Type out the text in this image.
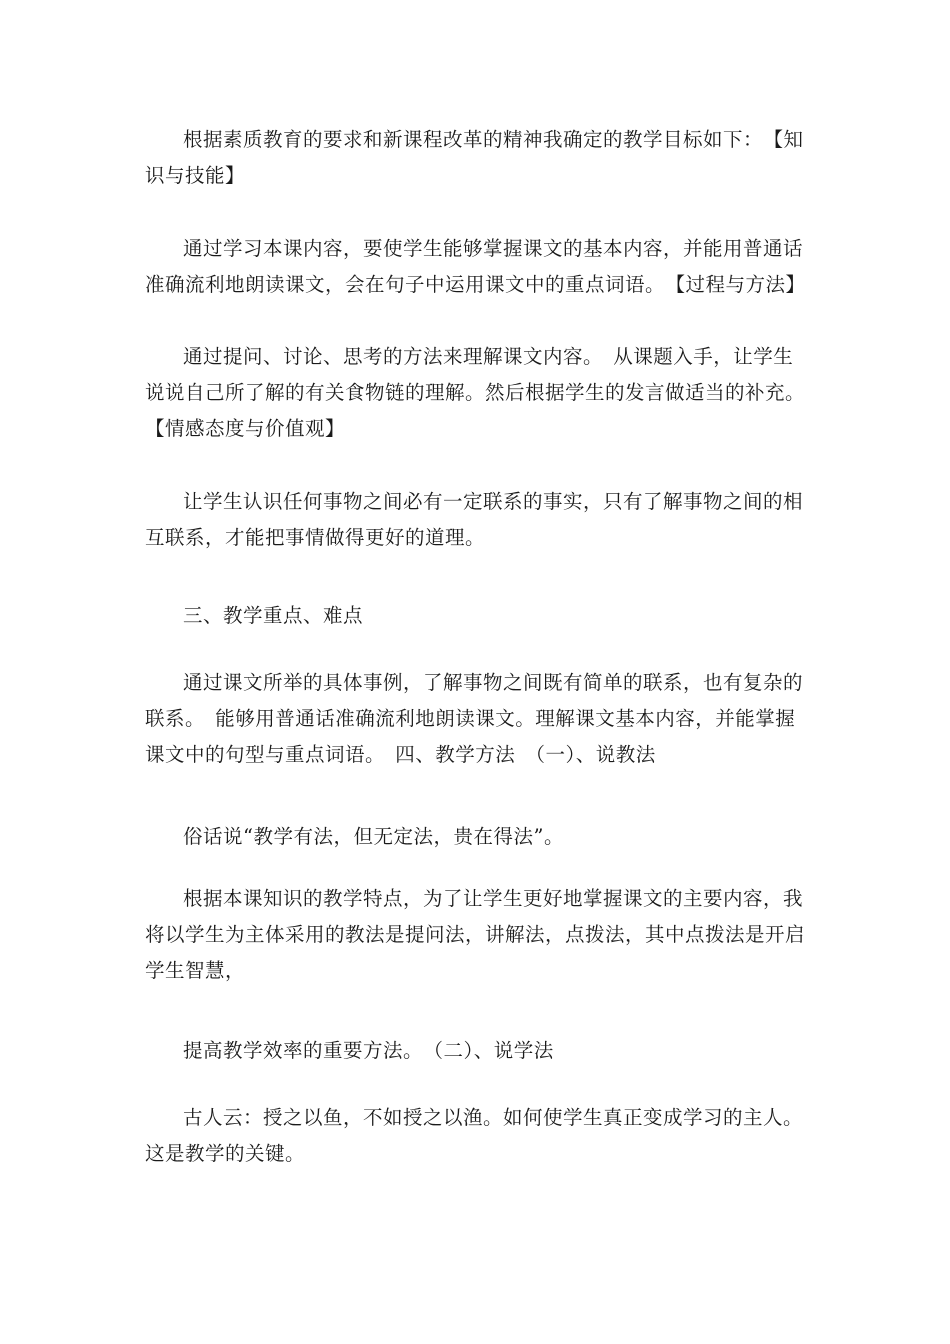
根据素质教育的要求和新课程改革的精神我确定的教学目标如下：　【知识与技能】

通过学习本课内容，要使学生能够掌握课文的基本内容，并能用普通话准确流利地朗读课文，会在句子中运用课文中的重点词语。　【过程与方法】

通过提问、讨论、思考的方法来理解课文内容。　从课题入手，让学生说说自己所了解的有关食物链的理解。然后根据学生的发言做适当的补充。　【情感态度与价值观】

让学生认识任何事物之间必有一定联系的事实，只有了解事物之间的相互联系，才能把事情做得更好的道理。

三、教学重点、难点

通过课文所举的具体事例，了解事物之间既有简单的联系，也有复杂的联系。　能够用普通话准确流利地朗读课文。理解课文基本内容，并能掌握课文中的句型与重点词语。　四、教学方法　（一）、说教法

俗话说“教学有法，但无定法，贵在得法”。

根据本课知识的教学特点，为了让学生更好地掌握课文的主要内容，我将以学生为主体采用的教法是提问法，讲解法，点拨法，其中点拨法是开启学生智慧，

提高教学效率的重要方法。　（二）、说学法

古人云：授之以鱼，不如授之以渔。如何使学生真正变成学习的主人。这是教学的关键。
